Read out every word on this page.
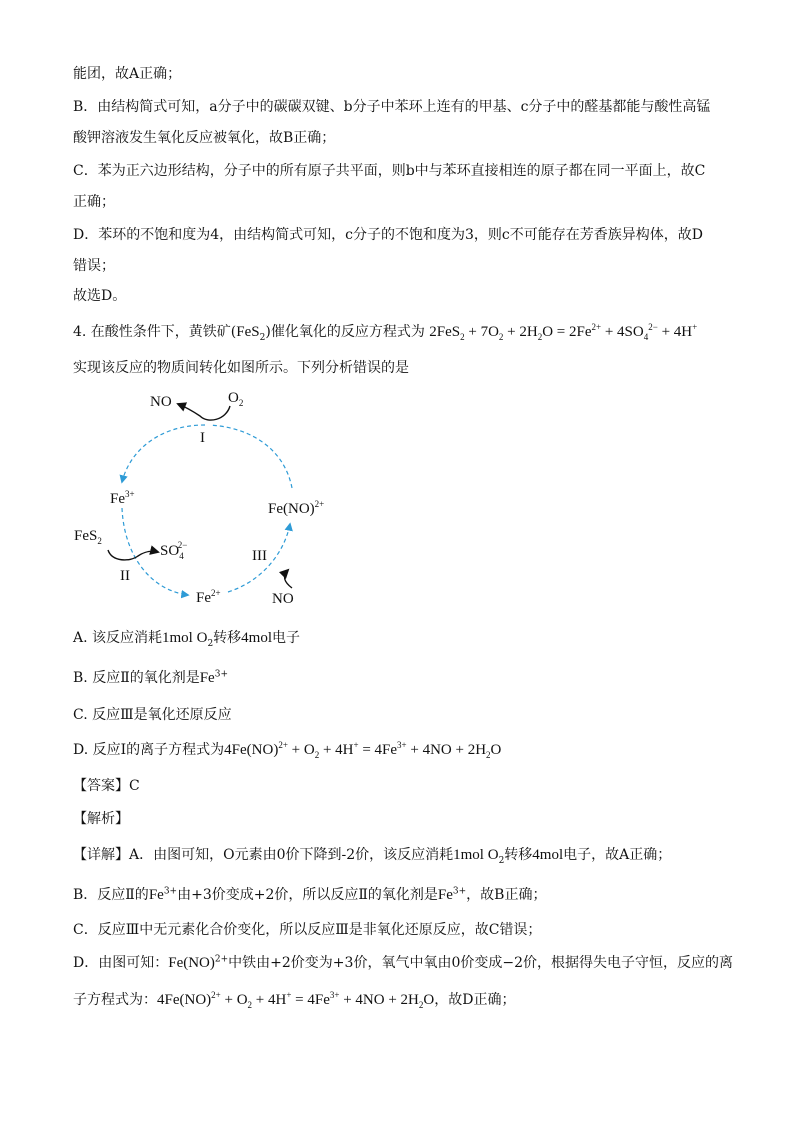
能团，故A正确；
B．由结构简式可知，a分子中的碳碳双键、b分子中苯环上连有的甲基、c分子中的醛基都能与酸性高锰
酸钾溶液发生氧化反应被氧化，故B正确；
C．苯为正六边形结构，分子中的所有原子共平面，则b中与苯环直接相连的原子都在同一平面上，故C
正确；
D．苯环的不饱和度为4，由结构简式可知，c分子的不饱和度为3，则c不可能存在芳香族异构体，故D
错误；
故选D。
4. 在酸性条件下，黄铁矿(FeS$_2$)催化氧化的反应方程式为 $2FeS_2 + 7O_2 + 2H_2O = 2Fe^{2+} + 4SO_4^{2-} + 4H^+$
实现该反应的物质间转化如图所示。下列分析错误的是
NO	$O_2$
I
$Fe^{3+}$
Fe(NO)$^{2+}$
FeS$_2$
$SO_42-$
II
III
$Fe^{2+}$	NO
A. 该反应消耗1mol $O_2$转移4mol电子
B. 反应Ⅱ的氧化剂是$Fe^{3+}$
C. 反应Ⅲ是氧化还原反应
D. 反应Ⅰ的离子方程式为$4Fe(NO)^{2+} + O_2 + 4H^+ = 4Fe^{3+} + 4NO + 2H_2O$
【答案】C
【解析】
【详解】A．由图可知，O元素由0价下降到-2价，该反应消耗1mol $O_2$转移4mol电子，故A正确；
B．反应Ⅱ的$Fe^{3+}$由+3价变成+2价，所以反应Ⅱ的氧化剂是$Fe^{3+}$，故B正确；
C．反应Ⅲ中无元素化合价变化，所以反应Ⅲ是非氧化还原反应，故C错误；
D．由图可知：Fe(NO)$^{2+}$中铁由+2价变为+3价，氧气中氧由0价变成−2价，根据得失电子守恒，反应的离
子方程式为：$4Fe(NO)^{2+} + O_2 + 4H^+ = 4Fe^{3+} + 4NO + 2H_2O$，故D正确；
